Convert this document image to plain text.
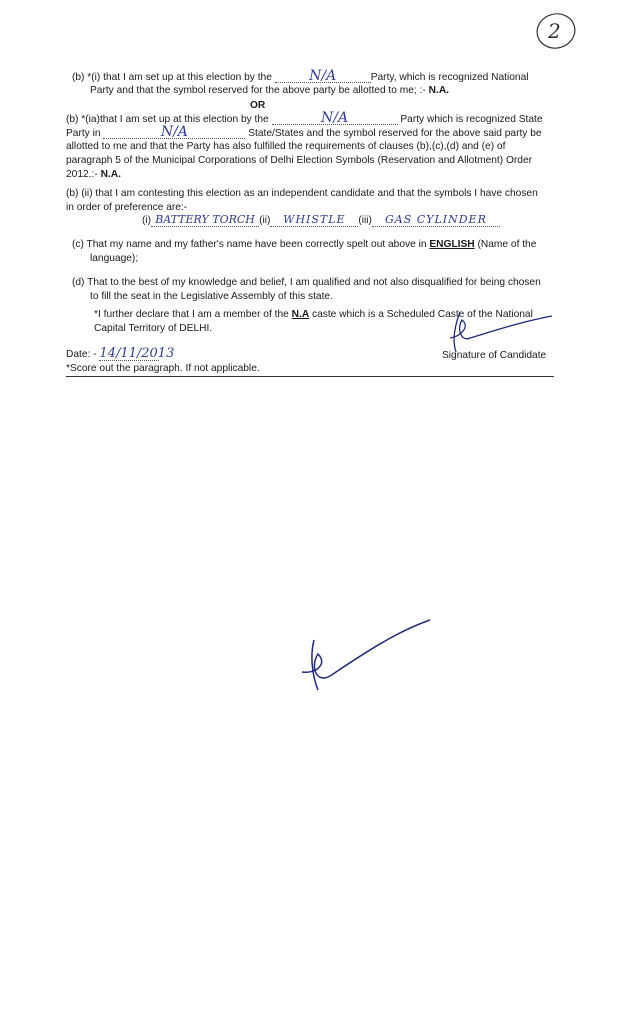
2
(b) *(i) that I am set up at this election by the N/A	Party, which is recognized National
Party and that the symbol reserved for the above party be allotted to me; :- N.A.
OR
(b) *(ia)that I am set up at this election by the	N/A	Party which is recognized State
Party in	N/A	State/States and the symbol reserved for the above said party be
allotted to me and that the Party has also fulfilled the requirements of clauses (b),(c),(d) and (e) of
paragraph 5 of the Municipal Corporations of Delhi Election Symbols (Reservation and Allotment) Order
2012.:- N.A.
(b) (ii) that I am contesting this election as an independent candidate and that the symbols I have chosen
in order of preference are:-
(i) BATTERY TORCH (ii) WHISTLE (iii) GAS CYLINDER
(c) That my name and my father's name have been correctly spelt out above in ENGLISH (Name of the
language);
(d) That to the best of my knowledge and belief, I am qualified and not also disqualified for being chosen
to fill the seat in the Legislative Assembly of this state.
*I further declare that I am a member of the N.A caste which is a Scheduled Caste of the National
Capital Territory of DELHI.
Date: - 14/11/2013	Signature of Candidate
*Score out the paragraph. If not applicable.
